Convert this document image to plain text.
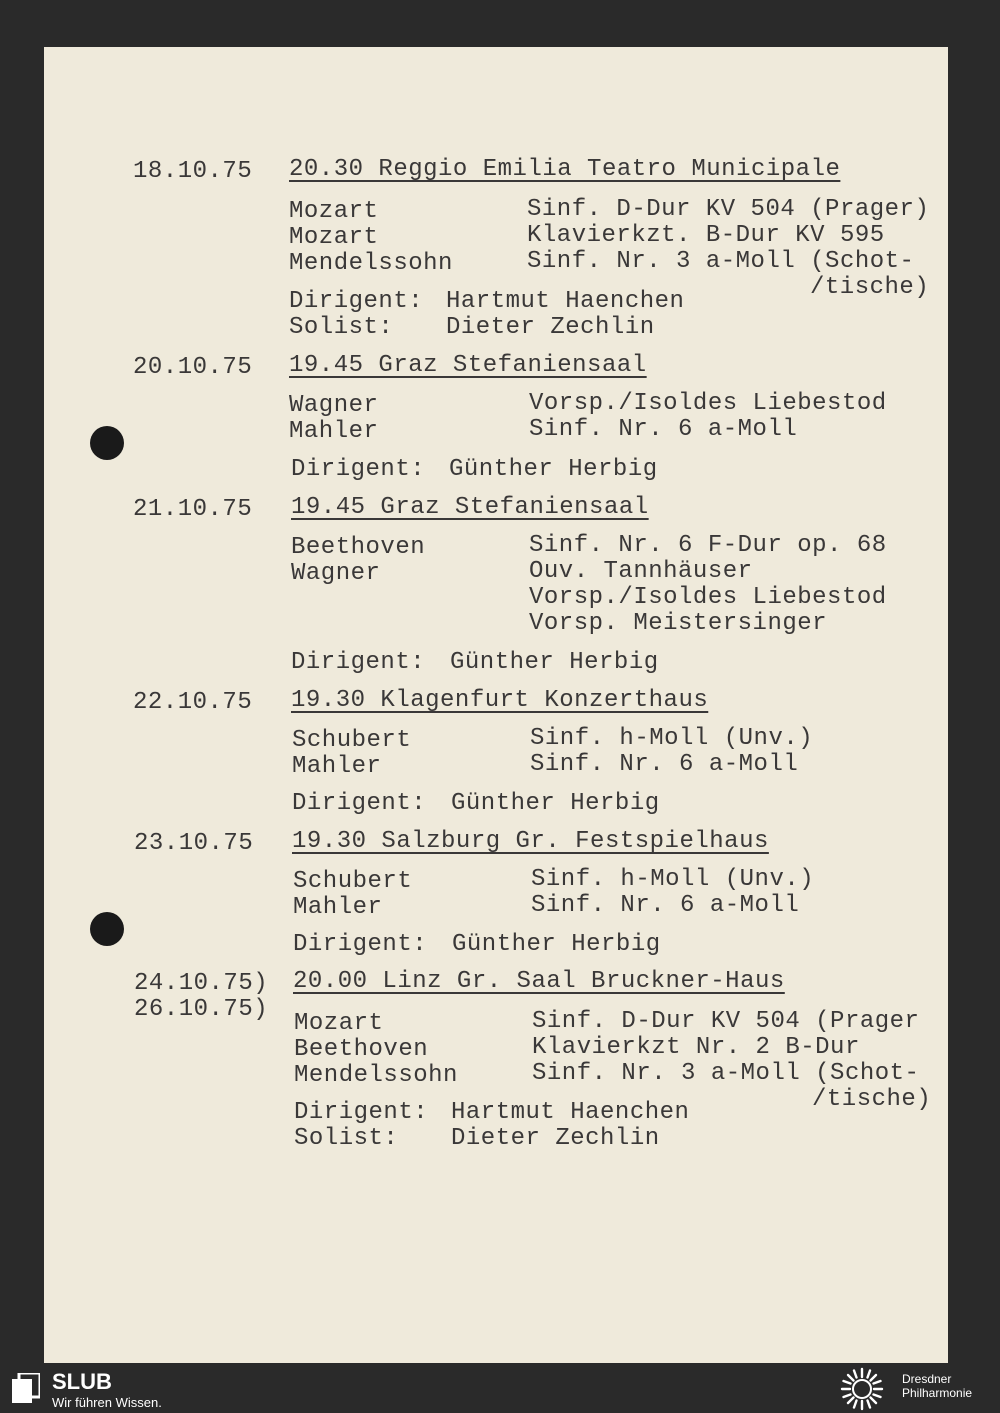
18.10.75 20.30 Reggio Emilia Teatro Municipale
Mozart
Mozart
Mendelssohn
Sinf. D-Dur KV 504 (Prager)
Klavierkzt. B-Dur KV 595
Sinf. Nr. 3 a-Moll (Schot-
/tische)
Dirigent: Hartmut Haenchen
Solist: Dieter Zechlin
20.10.75 19.45 Graz Stefaniensaal
Wagner
Mahler
Vorsp./Isoldes Liebestod
Sinf. Nr. 6 a-Moll
Dirigent: Günther Herbig
21.10.75 19.45 Graz Stefaniensaal
Beethoven
Wagner
Sinf. Nr. 6 F-Dur op. 68
Ouv. Tannhäuser
Vorsp./Isoldes Liebestod
Vorsp. Meistersinger
Dirigent: Günther Herbig
22.10.75 19.30 Klagenfurt Konzerthaus
Schubert
Mahler
Sinf. h-Moll (Unv.)
Sinf. Nr. 6 a-Moll
Dirigent: Günther Herbig
23.10.75 19.30 Salzburg Gr. Festspielhaus
Schubert
Mahler
Sinf. h-Moll (Unv.)
Sinf. Nr. 6 a-Moll
Dirigent: Günther Herbig
24.10.75)
26.10.75)
20.00 Linz Gr. Saal Bruckner-Haus
Mozart
Beethoven
Mendelssohn
Sinf. D-Dur KV 504 (Prager
Klavierkzt Nr. 2 B-Dur
Sinf. Nr. 3 a-Moll (Schot-
/tische)
Dirigent: Hartmut Haenchen
Solist: Dieter Zechlin
SLUB
Wir führen Wissen.
Dresdner
Philharmonie
